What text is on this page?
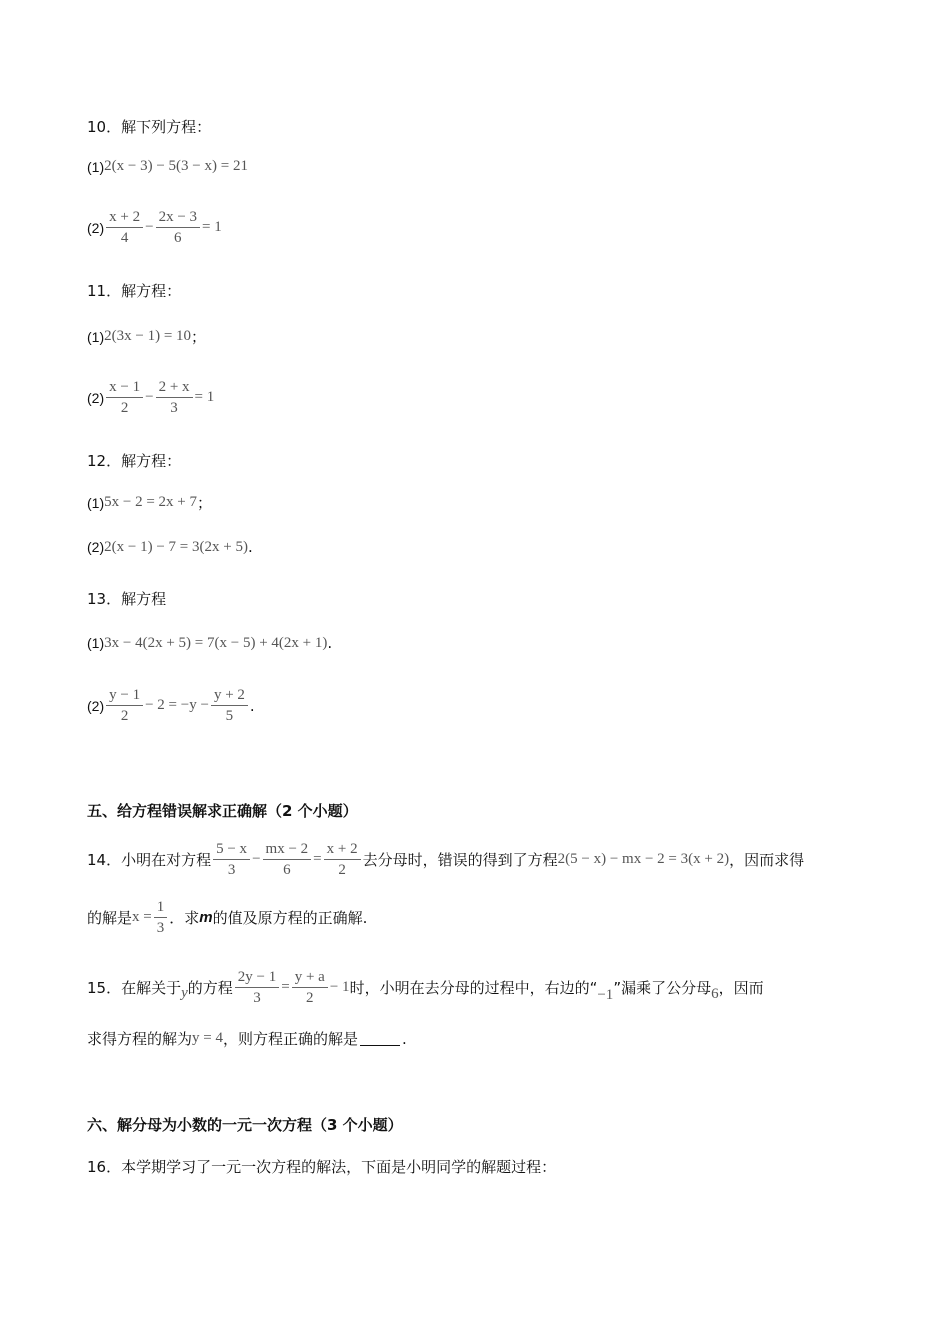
10．解下列方程：
(1) 2(x − 3) − 5(3 − x) = 21
$(2) \frac{x + 2}{4} - \frac{2x - 3}{6} = 1$
11．解方程：
(1) 2(3x − 1) = 10 ；
$(2) \frac{x - 1}{2} - \frac{2 + x}{3} = 1$
12．解方程：
(1) 5x − 2 = 2x + 7 ；
(2) 2(x − 1) − 7 = 3(2x + 5) .
13．解方程
(1) 3x − 4(2x + 5) = 7(x − 5) + 4(2x + 1) .
$(2) \frac{y - 1}{2} - 2 = -y - \frac{y + 2}{5}$ .
五、给方程错误解求正确解（2 个小题）
14．小明在对方程 $\frac{5 - x}{3} - \frac{mx - 2}{6} = \frac{x + 2}{2}$ 去分母时，错误的得到了方程 2(5 − x) − mx − 2 = 3(x + 2) ，因而求得
的解是 $x = \frac{1}{3}$ ．求 m 的值及原方程的正确解.
15．在解关于 y 的方程 $\frac{2y - 1}{3} = \frac{y + a}{2} - 1$ 时，小明在去分母的过程中，右边的“ −1 ”漏乘了公分母 6 ，因而
求得方程的解为 y = 4 ，则方程正确的解是	.
六、解分母为小数的一元一次方程（3 个小题）
16．本学期学习了一元一次方程的解法，下面是小明同学的解题过程：
